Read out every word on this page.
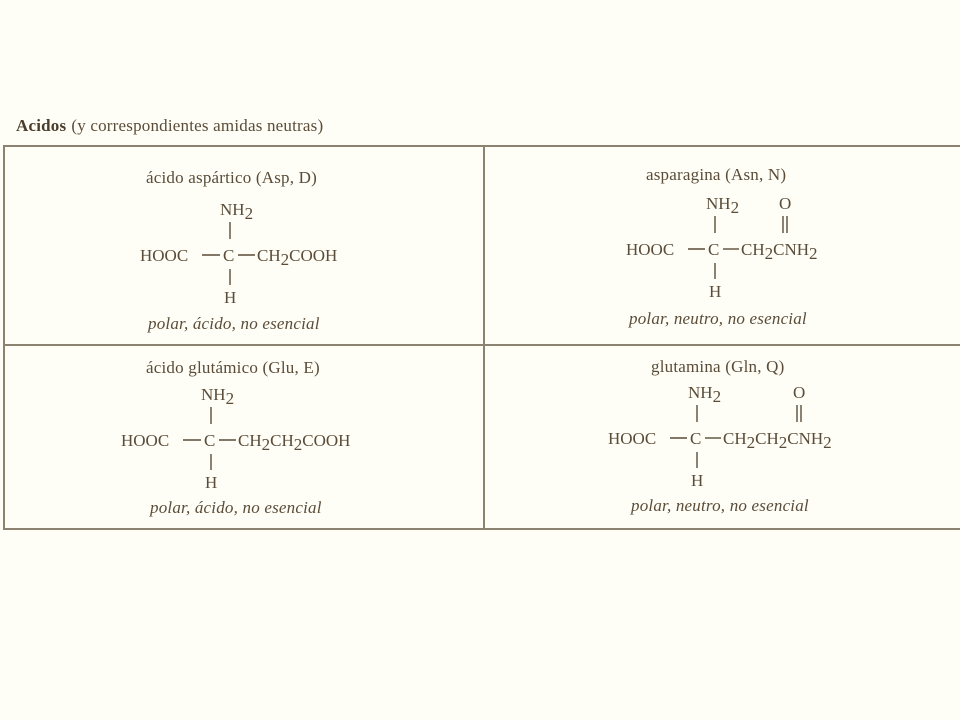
Acidos (y correspondientes amidas neutras)
ácido aspártico (Asp, D)
NH2
HOOC C CH2COOH
H
polar, ácido, no esencial
asparagina (Asn, N)
NH2 O
HOOC C CH2CNH2
H
polar, neutro, no esencial
ácido glutámico (Glu, E)
NH2
HOOC C CH2CH2COOH
H
polar, ácido, no esencial
glutamina (Gln, Q)
NH2	O
HOOC C CH2CH2CNH2
H
polar, neutro, no esencial
